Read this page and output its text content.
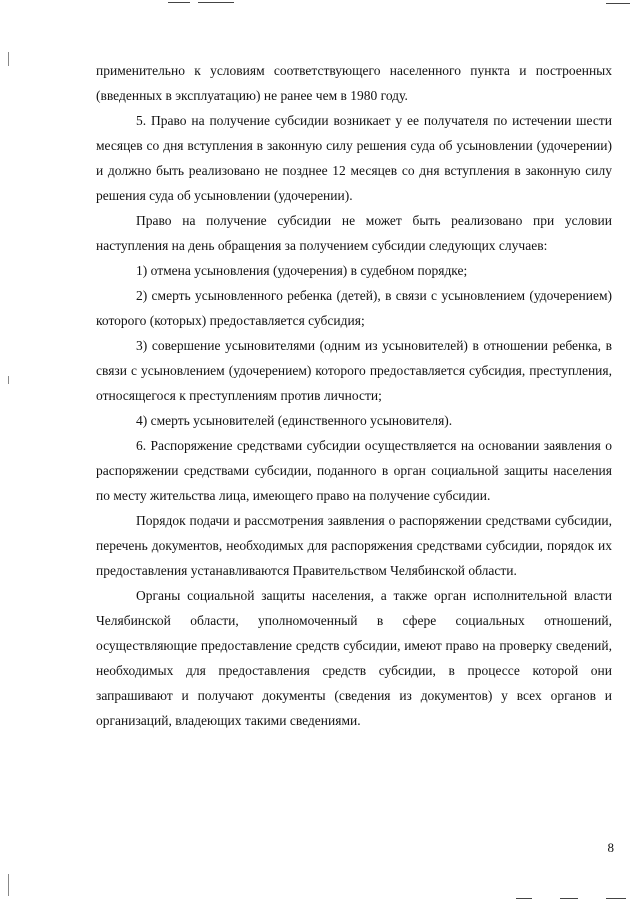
применительно к условиям соответствующего населенного пункта и построенных (введенных в эксплуатацию) не ранее чем в 1980 году.

5. Право на получение субсидии возникает у ее получателя по истечении шести месяцев со дня вступления в законную силу решения суда об усыновлении (удочерении) и должно быть реализовано не позднее 12 месяцев со дня вступления в законную силу решения суда об усыновлении (удочерении).

Право на получение субсидии не может быть реализовано при условии наступления на день обращения за получением субсидии следующих случаев:

1) отмена усыновления (удочерения) в судебном порядке;

2) смерть усыновленного ребенка (детей), в связи с усыновлением (удочерением) которого (которых) предоставляется субсидия;

3) совершение усыновителями (одним из усыновителей) в отношении ребенка, в связи с усыновлением (удочерением) которого предоставляется субсидия, преступления, относящегося к преступлениям против личности;

4) смерть усыновителей (единственного усыновителя).

6. Распоряжение средствами субсидии осуществляется на основании заявления о распоряжении средствами субсидии, поданного в орган социальной защиты населения по месту жительства лица, имеющего право на получение субсидии.

Порядок подачи и рассмотрения заявления о распоряжении средствами субсидии, перечень документов, необходимых для распоряжения средствами субсидии, порядок их предоставления устанавливаются Правительством Челябинской области.

Органы социальной защиты населения, а также орган исполнительной власти Челябинской области, уполномоченный в сфере социальных отношений, осуществляющие предоставление средств субсидии, имеют право на проверку сведений, необходимых для предоставления средств субсидии, в процессе которой они запрашивают и получают документы (сведения из документов) у всех органов и организаций, владеющих такими сведениями.

8
